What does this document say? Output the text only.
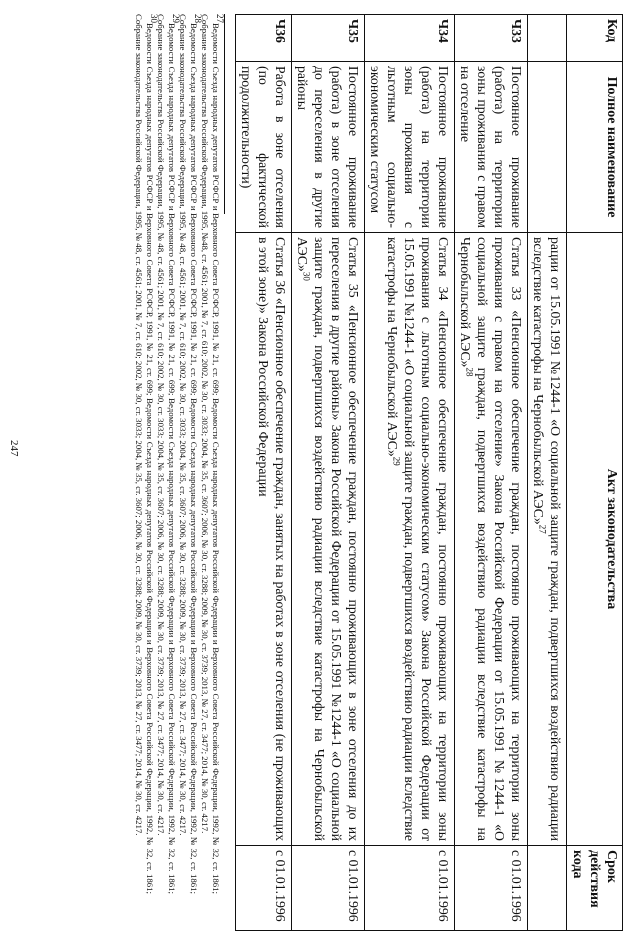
247
Код	Полное наименование	Акт законодательства	Срок действия кода
		рации от 15.05.1991 №1244-1 «О социальной защите граждан, подвергшихся воздействию радиации вследствие катастрофы на Чернобыльской АЭС»$^{27}$	
Ч33	Постоянное проживание (работа) на территории зоны проживания с правом на отселение	Статья 33 «Пенсионное обеспечение граждан, постоянно проживающих на территории зоны проживания с правом на отселение» Закона Российской Федерации от 15.05.1991 №1244-1 «О социальной защите граждан, подвергшихся воздействию радиации вследствие катастрофы на Чернобыльской АЭС»$^{28}$	с 01.01.1996
Ч34	Постоянное проживание (работа) на территории зоны проживания с льготным социально-экономическим статусом	Статья 34 «Пенсионное обеспечение граждан, постоянно проживающих на территории зоны проживания с льготным социально-экономическим статусом» Закона Российской Федерации от 15.05.1991 №1244-1 «О социальной защите граждан, подвергшихся воздействию радиации вследствие катастрофы на Чернобыльской АЭС»$^{29}$	с 01.01.1996
Ч35	Постоянное проживание (работа) в зоне отселения до переселения в другие районы	Статья 35 «Пенсионное обеспечение граждан, постоянно проживающих в зоне отселения до их переселения в другие районы» Закона Российской Федерации от 15.05.1991 №1244-1 «О социальной защите граждан, подвергшихся воздействию радиации вследствие катастрофы на Чернобыльской АЭС»$^{30}$	с 01.01.1996
Ч36	Работа в зоне отселения (по фактической продолжительности)	Статья 36 «Пенсионное обеспечение граждан, занятых на работах в зоне отселения (не проживающих в этой зоне)» Закона Российской Федерации	с 01.01.1996

$^{27}$Ведомости Съезда народных депутатов РСФСР и Верховного Совета РСФСР, 1991, № 21, ст. 699; Ведомости Съезда народных депутатов Российской Федерации и Верховного Совета Российской Федерации, 1992, № 32, ст. 1861; Собрание законодательства Российской Федерации, 1995, №48, ст. 4561; 2001, № 7, ст. 610; 2002, № 30, ст. 3033; 2004, № 35, ст. 3607; 2006, № 30, ст. 3288; 2009, № 30, ст. 3739; 2013, № 27, ст. 3477; 2014, № 30, ст. 4217.

$^{28}$Ведомости Съезда народных депутатов РСФСР и Верховного Совета РСФСР, 1991, № 21, ст. 699; Ведомости Съезда народных депутатов Российской Федерации и Верховного Совета Российской Федерации, 1992, № 32, ст. 1861; Собрание законодательства Российской Федерации, 1995, № 48, ст. 4561; 2001, № 7, ст. 610; 2002, № 30, ст. 3033; 2004, № 35, ст. 3607; 2006, № 30, ст. 3288; 2009, № 30, ст. 3739; 2013, № 27, ст. 3477; 2014, № 30, ст. 4217.

$^{29}$Ведомости Съезда народных депутатов РСФСР и Верховного Совета РСФСР, 1991, № 21, ст. 699; Ведомости Съезда народных депутатов Российской Федерации и Верховного Совета Российской Федерации, 1992, № 32, ст. 1861; Собрание законодательства Российской Федерации, 1995, № 48, ст. 4561; 2001, № 7, ст. 610; 2002, № 30, ст. 3033; 2004, № 35, ст. 3607; 2006, № 30, ст. 3288; 2009, № 30, ст. 3739; 2013, № 27, ст. 3477; 2014, № 30, ст. 4217.

$^{30}$Ведомости Съезда народных депутатов РСФСР и Верховного Совета РСФСР, 1991, № 21, ст. 699; Ведомости Съезда народных депутатов Российской Федерации и Верховного Совета Российской Федерации, 1992, № 32, ст. 1861; Собрание законодательства Российской Федерации, 1995, № 48, ст. 4561; 2001, № 7, ст. 610; 2002, № 30, ст. 3033; 2004, № 35, ст. 3607; 2006, № 30, ст. 3288; 2009, № 30, ст. 3739; 2013, № 27, ст. 3477; 2014, № 30, ст. 4217.
